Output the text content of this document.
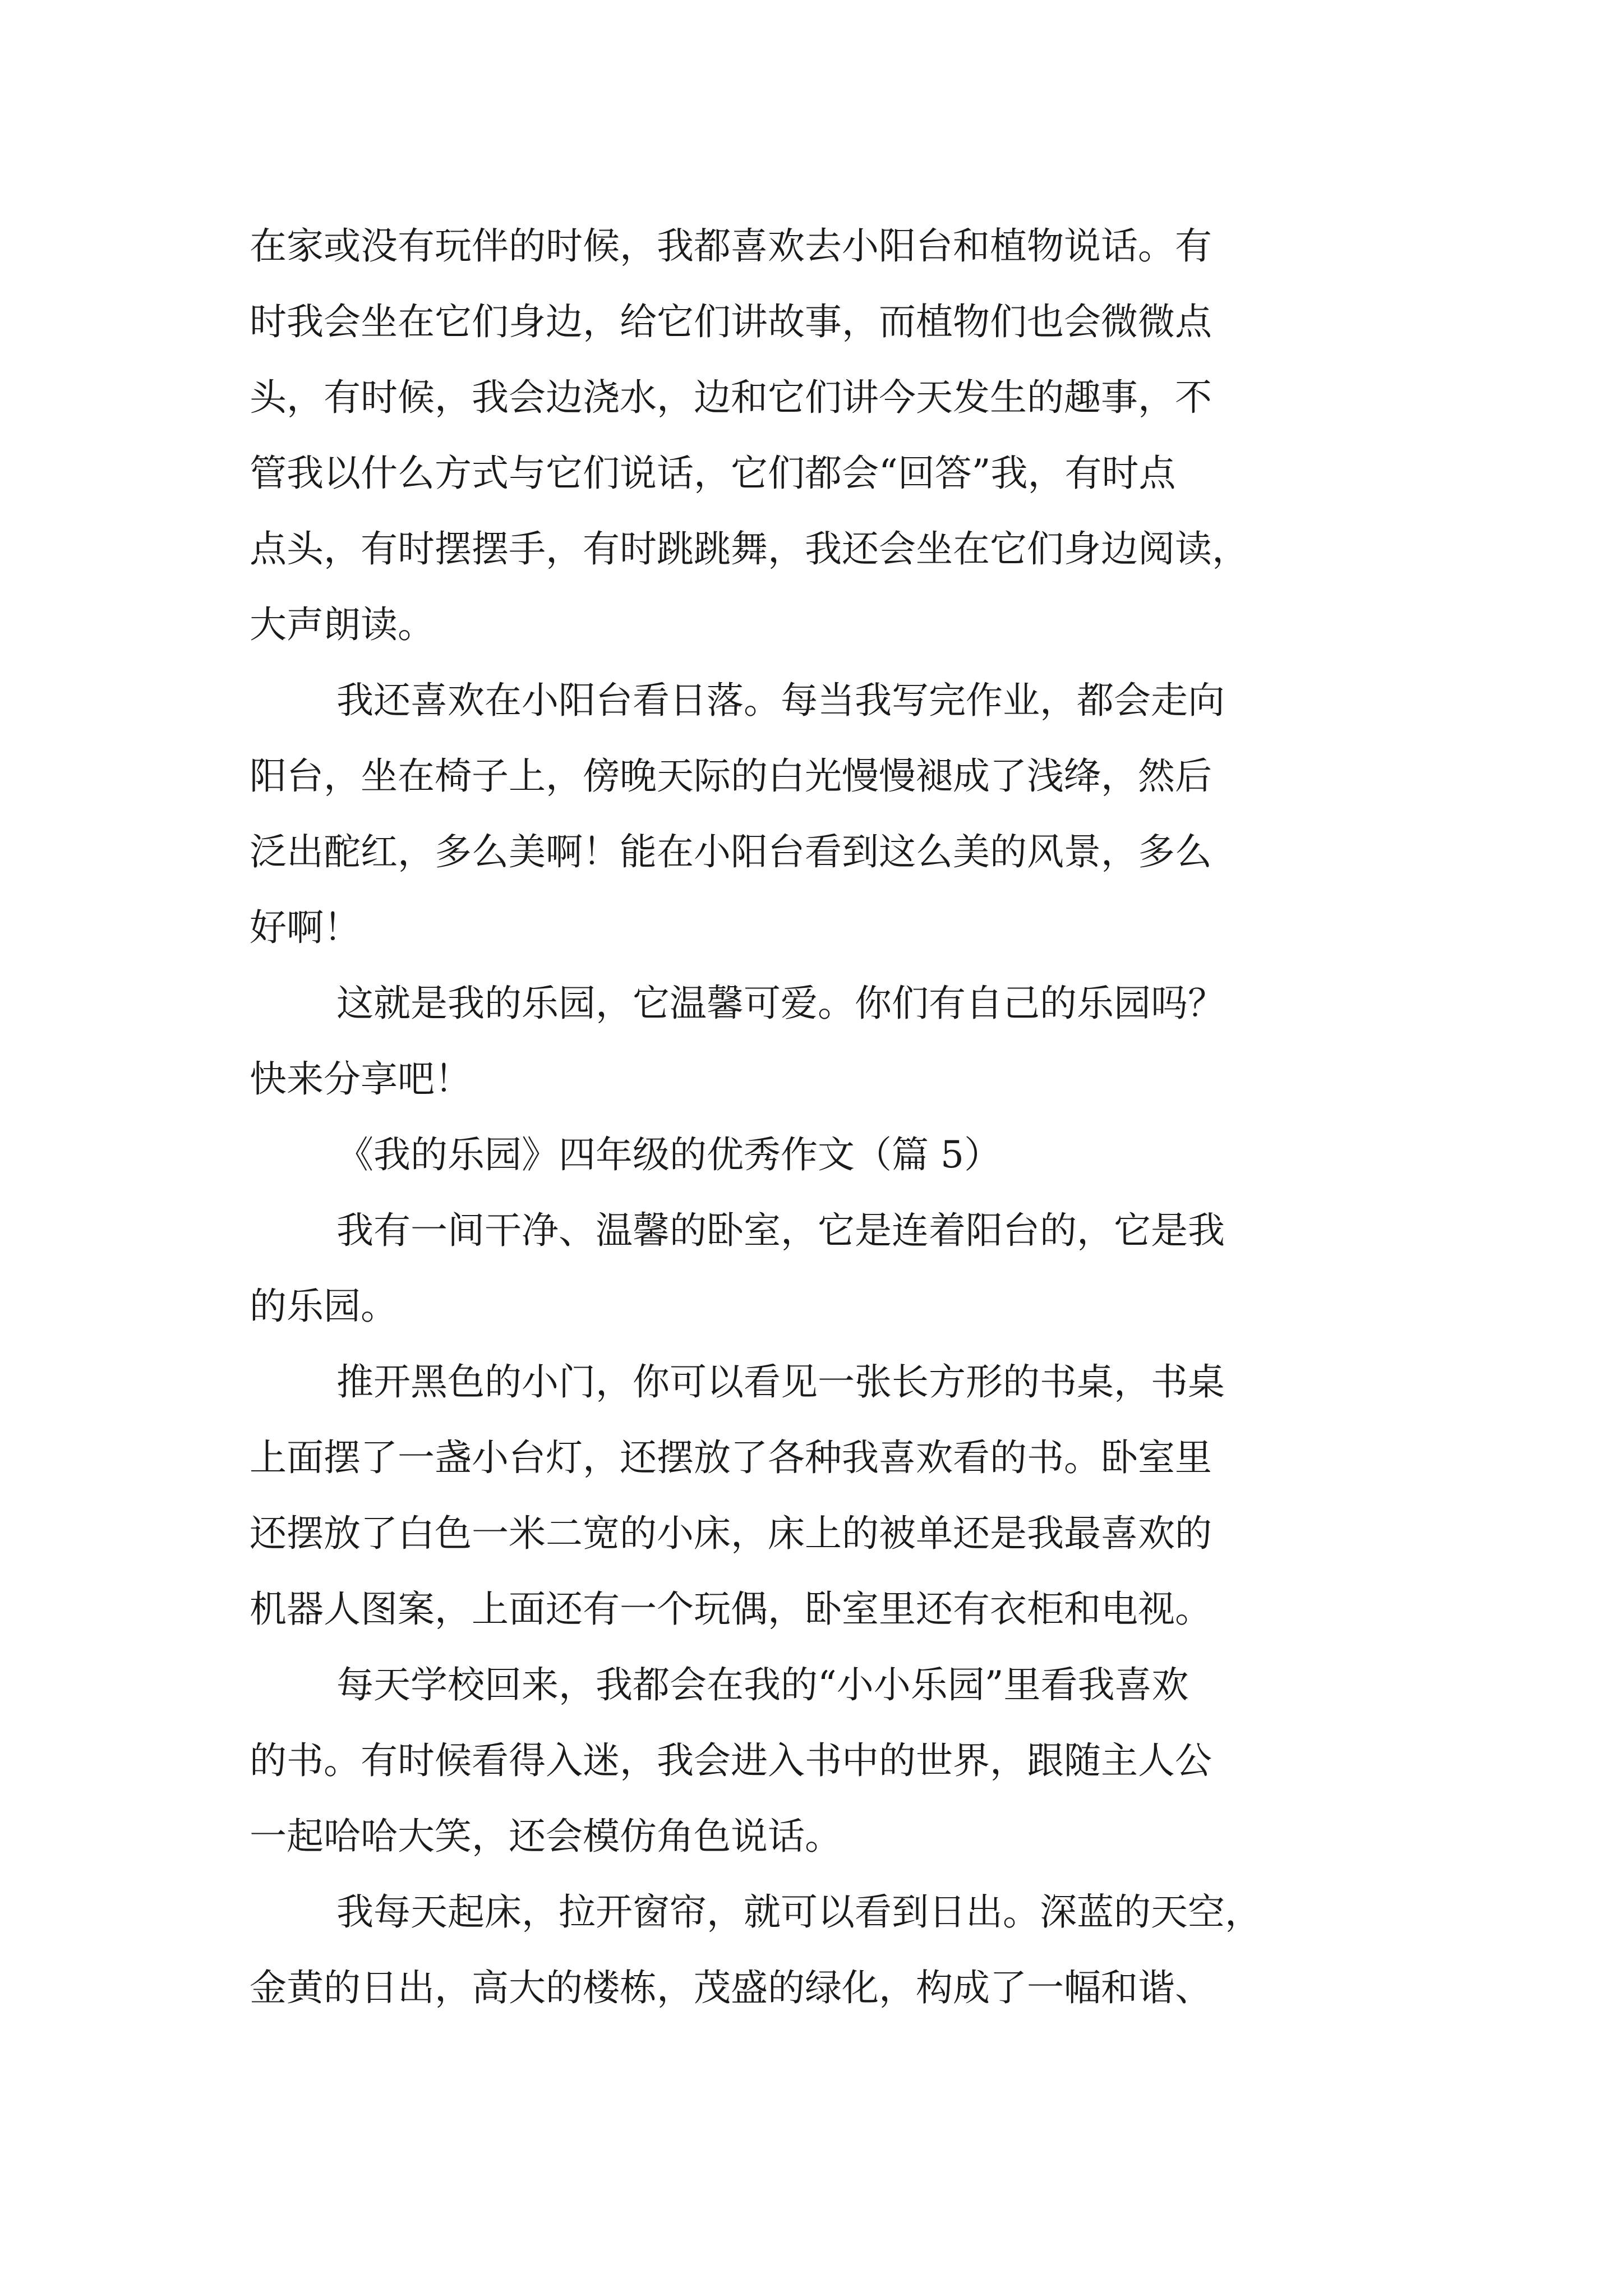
在家或没有玩伴的时候，我都喜欢去小阳台和植物说话。有
时我会坐在它们身边，给它们讲故事，而植物们也会微微点
头，有时候，我会边浇水，边和它们讲今天发生的趣事，不
管我以什么方式与它们说话，它们都会“回答”我，有时点
点头，有时摆摆手，有时跳跳舞，我还会坐在它们身边阅读，
大声朗读。
我还喜欢在小阳台看日落。每当我写完作业，都会走向
阳台，坐在椅子上，傍晚天际的白光慢慢褪成了浅绛，然后
泛出酡红，多么美啊！能在小阳台看到这么美的风景，多么
好啊！
这就是我的乐园，它温馨可爱。你们有自己的乐园吗？
快来分享吧！
《我的乐园》四年级的优秀作文（篇 5）
我有一间干净、温馨的卧室，它是连着阳台的，它是我
的乐园。
推开黑色的小门，你可以看见一张长方形的书桌，书桌
上面摆了一盏小台灯，还摆放了各种我喜欢看的书。卧室里
还摆放了白色一米二宽的小床，床上的被单还是我最喜欢的
机器人图案，上面还有一个玩偶，卧室里还有衣柜和电视。
每天学校回来，我都会在我的“小小乐园”里看我喜欢
的书。有时候看得入迷，我会进入书中的世界，跟随主人公
一起哈哈大笑，还会模仿角色说话。
我每天起床，拉开窗帘，就可以看到日出。深蓝的天空，
金黄的日出，高大的楼栋，茂盛的绿化，构成了一幅和谐、
